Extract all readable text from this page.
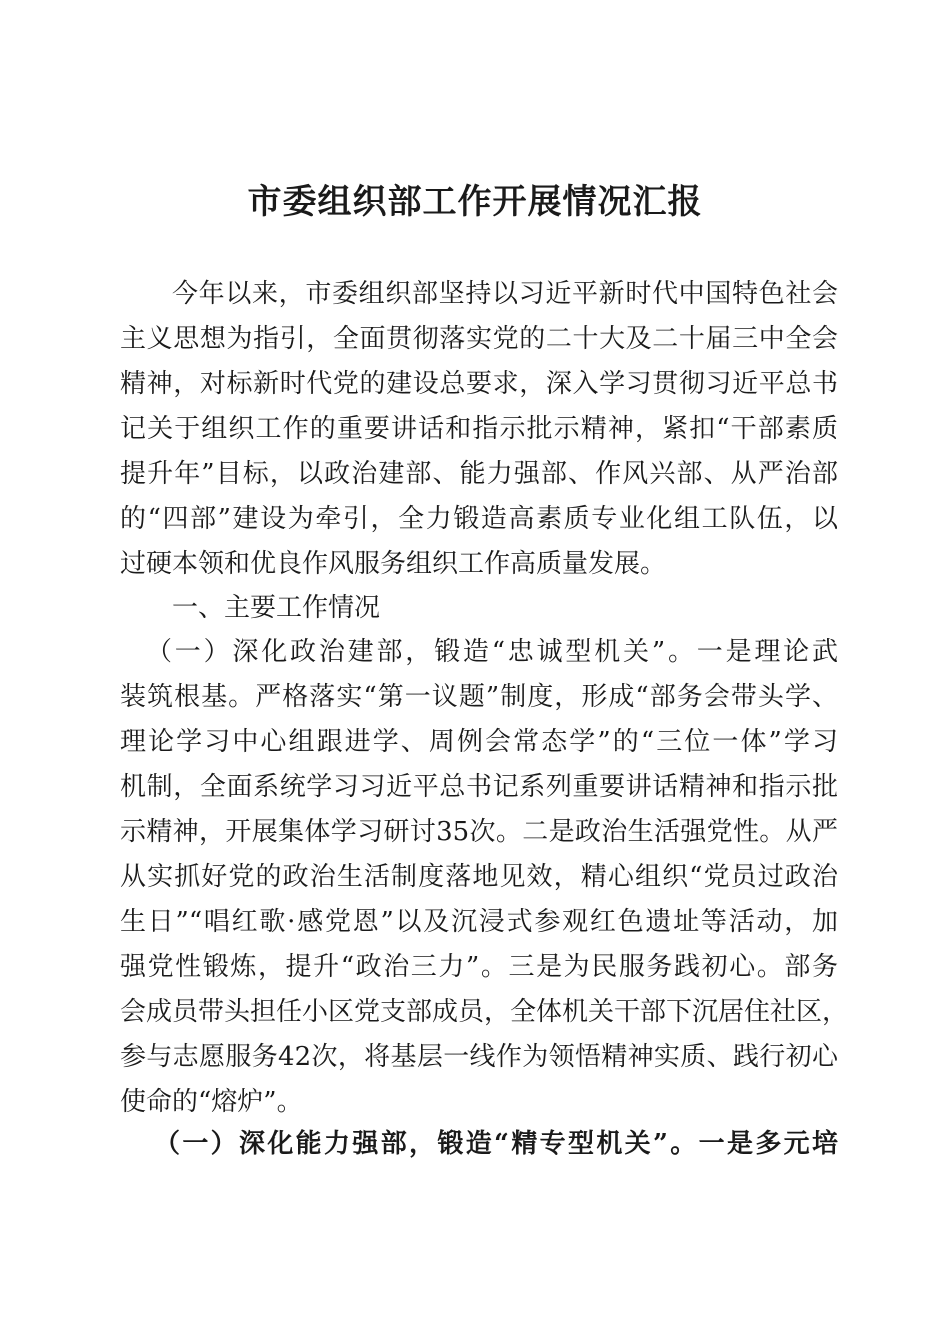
市委组织部工作开展情况汇报
今年以来，市委组织部坚持以习近平新时代中国特色社会
主义思想为指引，全面贯彻落实党的二十大及二十届三中全会
精神，对标新时代党的建设总要求，深入学习贯彻习近平总书
记关于组织工作的重要讲话和指示批示精神，紧扣“干部素质
提升年”目标，以政治建部、能力强部、作风兴部、从严治部
的“四部”建设为牵引，全力锻造高素质专业化组工队伍，以
过硬本领和优良作风服务组织工作高质量发展。
一、主要工作情况
（一）深化政治建部，锻造“忠诚型机关”。一是理论武
装筑根基。严格落实“第一议题”制度，形成“部务会带头学、
理论学习中心组跟进学、周例会常态学”的“三位一体”学习
机制，全面系统学习习近平总书记系列重要讲话精神和指示批
示精神，开展集体学习研讨35次。二是政治生活强党性。从严
从实抓好党的政治生活制度落地见效，精心组织“党员过政治
生日”“唱红歌·感党恩”以及沉浸式参观红色遗址等活动，加
强党性锻炼，提升“政治三力”。三是为民服务践初心。部务
会成员带头担任小区党支部成员，全体机关干部下沉居住社区，
参与志愿服务42次，将基层一线作为领悟精神实质、践行初心
使命的“熔炉”。
（一）深化能力强部，锻造“精专型机关”。一是多元培
